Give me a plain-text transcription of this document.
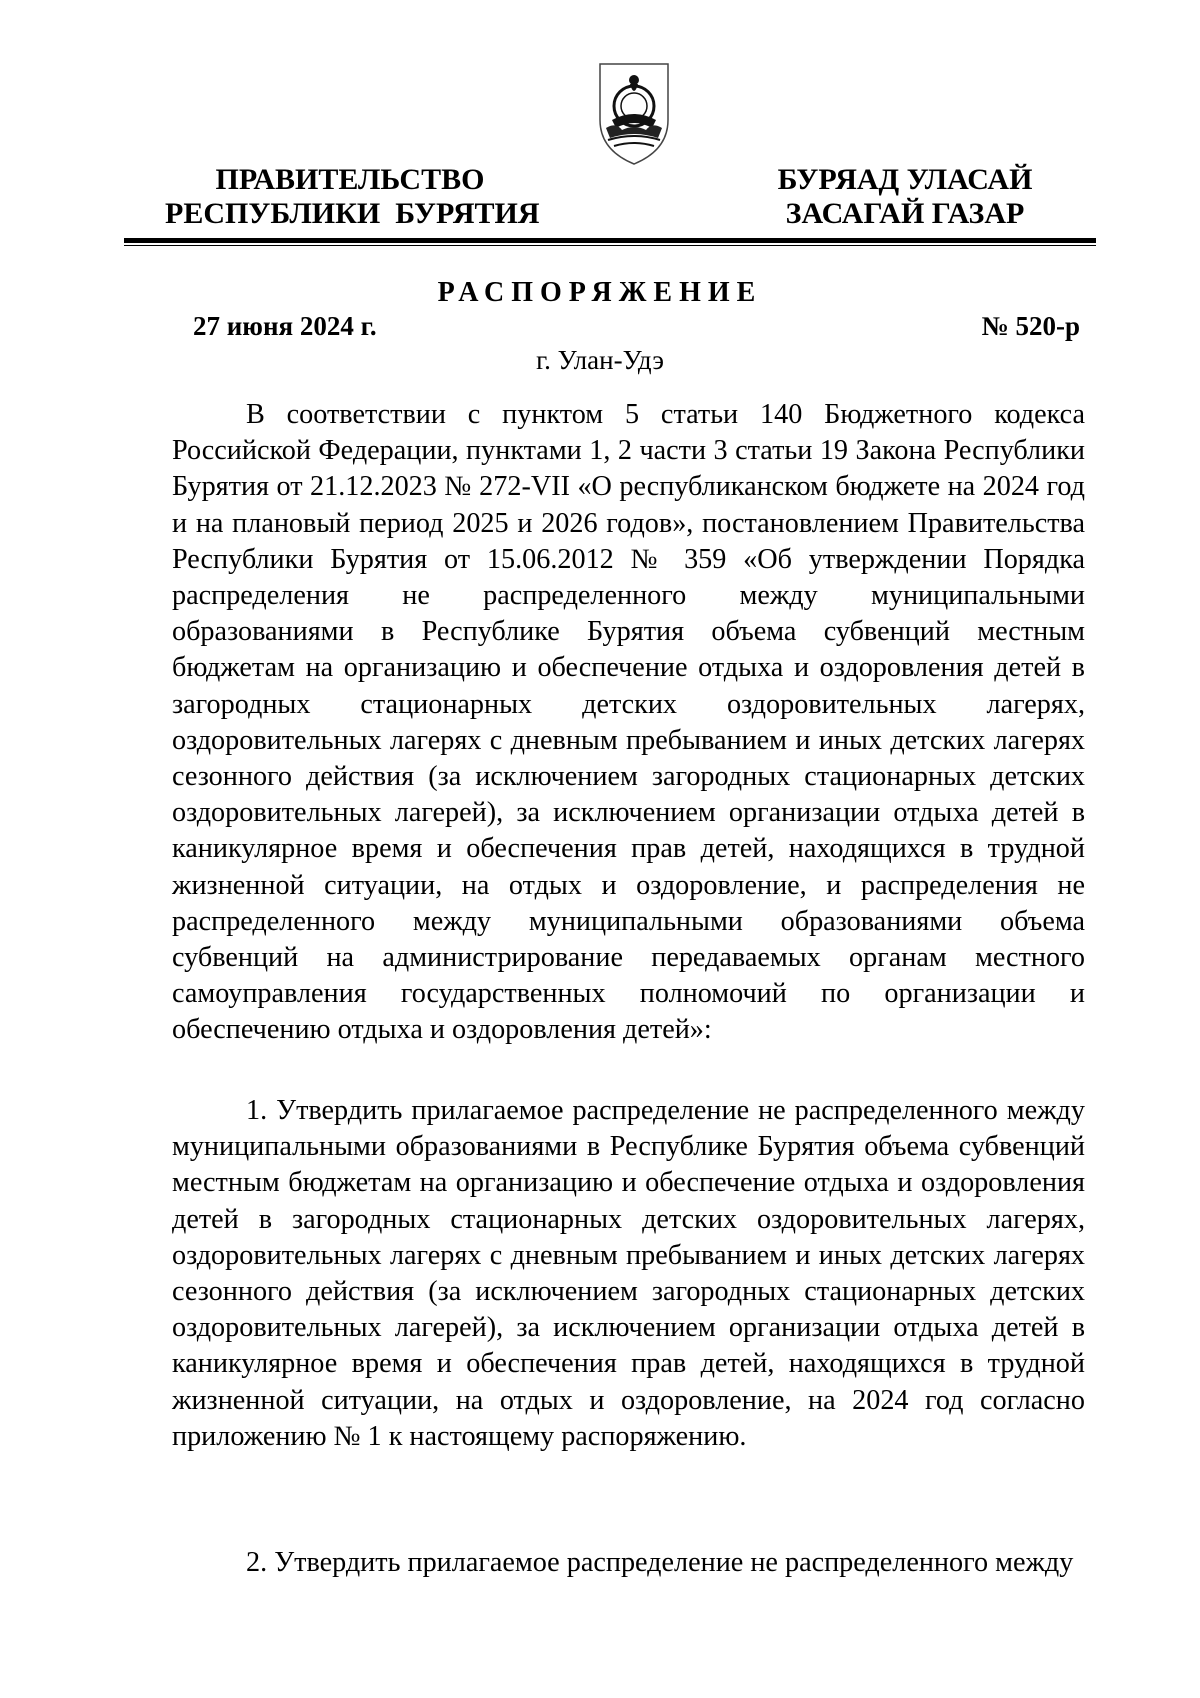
ПРАВИТЕЛЬСТВО
РЕСПУБЛИКИ  БУРЯТИЯ
БУРЯАД УЛАСАЙ
ЗАСАГАЙ ГАЗАР
РАСПОРЯЖЕНИЕ
27 июня 2024 г.	№ 520-р
г. Улан-Удэ

В соответствии с пунктом 5 статьи 140 Бюджетного кодекса Российской Федерации, пунктами 1, 2 части 3 статьи 19 Закона Республики Бурятия от 21.12.2023 № 272-VII «О республиканском бюджете на 2024 год и на плановый период 2025 и 2026 годов», постановлением Правительства Республики Бурятия от 15.06.2012 № 359 «Об утверждении Порядка распределения не распределенного между муниципальными образованиями в Республике Бурятия объема субвенций местным бюджетам на организацию и обеспечение отдыха и оздоровления детей в загородных стационарных детских оздоровительных лагерях, оздоровительных лагерях с дневным пребыванием и иных детских лагерях сезонного действия (за исключением загородных стационарных детских оздоровительных лагерей), за исключением организации отдыха детей в каникулярное время и обеспечения прав детей, находящихся в трудной жизненной ситуации, на отдых и оздоровление, и распределения не распределенного между муниципальными образованиями объема субвенций на администрирование передаваемых органам местного самоуправления государственных полномочий по организации и обеспечению отдыха и оздоровления детей»:

1. Утвердить прилагаемое распределение не распределенного между муниципальными образованиями в Республике Бурятия объема субвенций местным бюджетам на организацию и обеспечение отдыха и оздоровления детей в загородных стационарных детских оздоровительных лагерях, оздоровительных лагерях с дневным пребыванием и иных детских лагерях сезонного действия (за исключением загородных стационарных детских оздоровительных лагерей), за исключением организации отдыха детей в каникулярное время и обеспечения прав детей, находящихся в трудной жизненной ситуации, на отдых и оздоровление, на 2024 год согласно приложению № 1 к настоящему распоряжению.

2. Утвердить прилагаемое распределение не распределенного между
